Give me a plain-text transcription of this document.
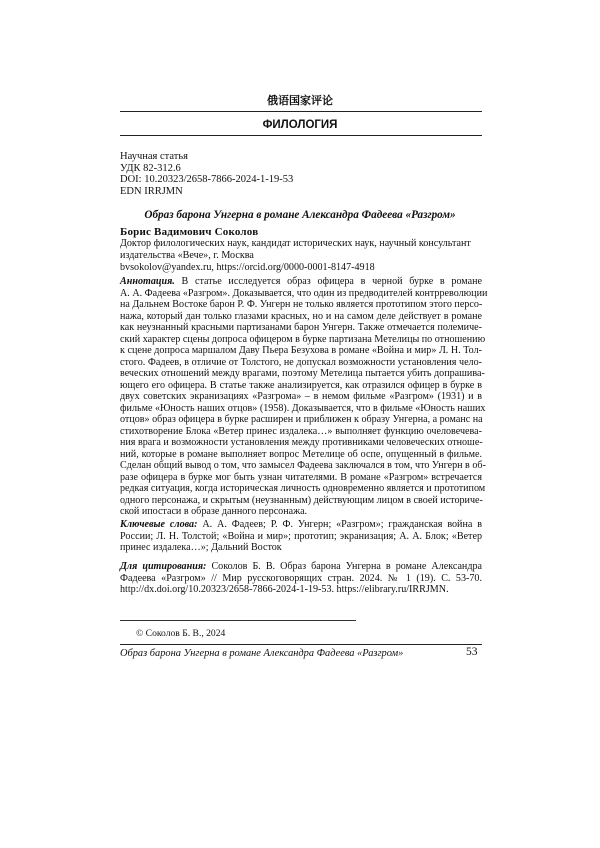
俄语国家评论
ФИЛОЛОГИЯ
Научная статья
УДК 82-312.6
DOI: 10.20323/2658-7866-2024-1-19-53
EDN IRRJMN
Образ барона Унгерна в романе Александра Фадеева «Разгром»
Борис Вадимович Соколов
Доктор филологических наук, кандидат исторических наук, научный консультант
издательства «Вече», г. Москва
bvsokolov@yandex.ru, https://orcid.org/0000-0001-8147-4918
Аннотация. В статье исследуется образ офицера в черной бурке в романе
А. А. Фадеева «Разгром». Доказывается, что один из предводителей контрреволюции
на Дальнем Востоке барон Р. Ф. Унгерн не только является прототипом этого персо-
нажа, который дан только глазами красных, но и на самом деле действует в романе
как неузнанный красными партизанами барон Унгерн. Также отмечается полемиче-
ский характер сцены допроса офицером в бурке партизана Метелицы по отношению
к сцене допроса маршалом Даву Пьера Безухова в романе «Война и мир» Л. Н. Тол-
стого. Фадеев, в отличие от Толстого, не допускал возможности установления чело-
веческих отношений между врагами, поэтому Метелица пытается убить допрашива-
ющего его офицера. В статье также анализируется, как отразился офицер в бурке в
двух советских экранизациях «Разгрома» – в немом фильме «Разгром» (1931) и в
фильме «Юность наших отцов» (1958). Доказывается, что в фильме «Юность наших
отцов» образ офицера в бурке расширен и приближен к образу Унгерна, а романс на
стихотворение Блока «Ветер принес издалека…» выполняет функцию очеловечева-
ния врага и возможности установления между противниками человеческих отноше-
ний, которые в романе выполняет вопрос Метелице об оспе, опущенный в фильме.
Сделан общий вывод о том, что замысел Фадеева заключался в том, что Унгерн в об-
разе офицера в бурке мог быть узнан читателями. В романе «Разгром» встречается
редкая ситуация, когда историческая личность одновременно является и прототипом
одного персонажа, и скрытым (неузнанным) действующим лицом в своей историче-
ской ипостаси в образе данного персонажа.
Ключевые слова: А. А. Фадеев; Р. Ф. Унгерн; «Разгром»; гражданская война в
России; Л. Н. Толстой; «Война и мир»; прототип; экранизация; А. А. Блок; «Ветер
принес издалека…»; Дальний Восток
Для цитирования: Соколов Б. В. Образ барона Унгерна в романе Александра
Фадеева «Разгром» // Мир русскоговорящих стран. 2024. № 1 (19). С. 53-70.
http://dx.doi.org/10.20323/2658-7866-2024-1-19-53. https://elibrary.ru/IRRJMN.
© Соколов Б. В., 2024
Образ барона Унгерна в романе Александра Фадеева «Разгром»	53
